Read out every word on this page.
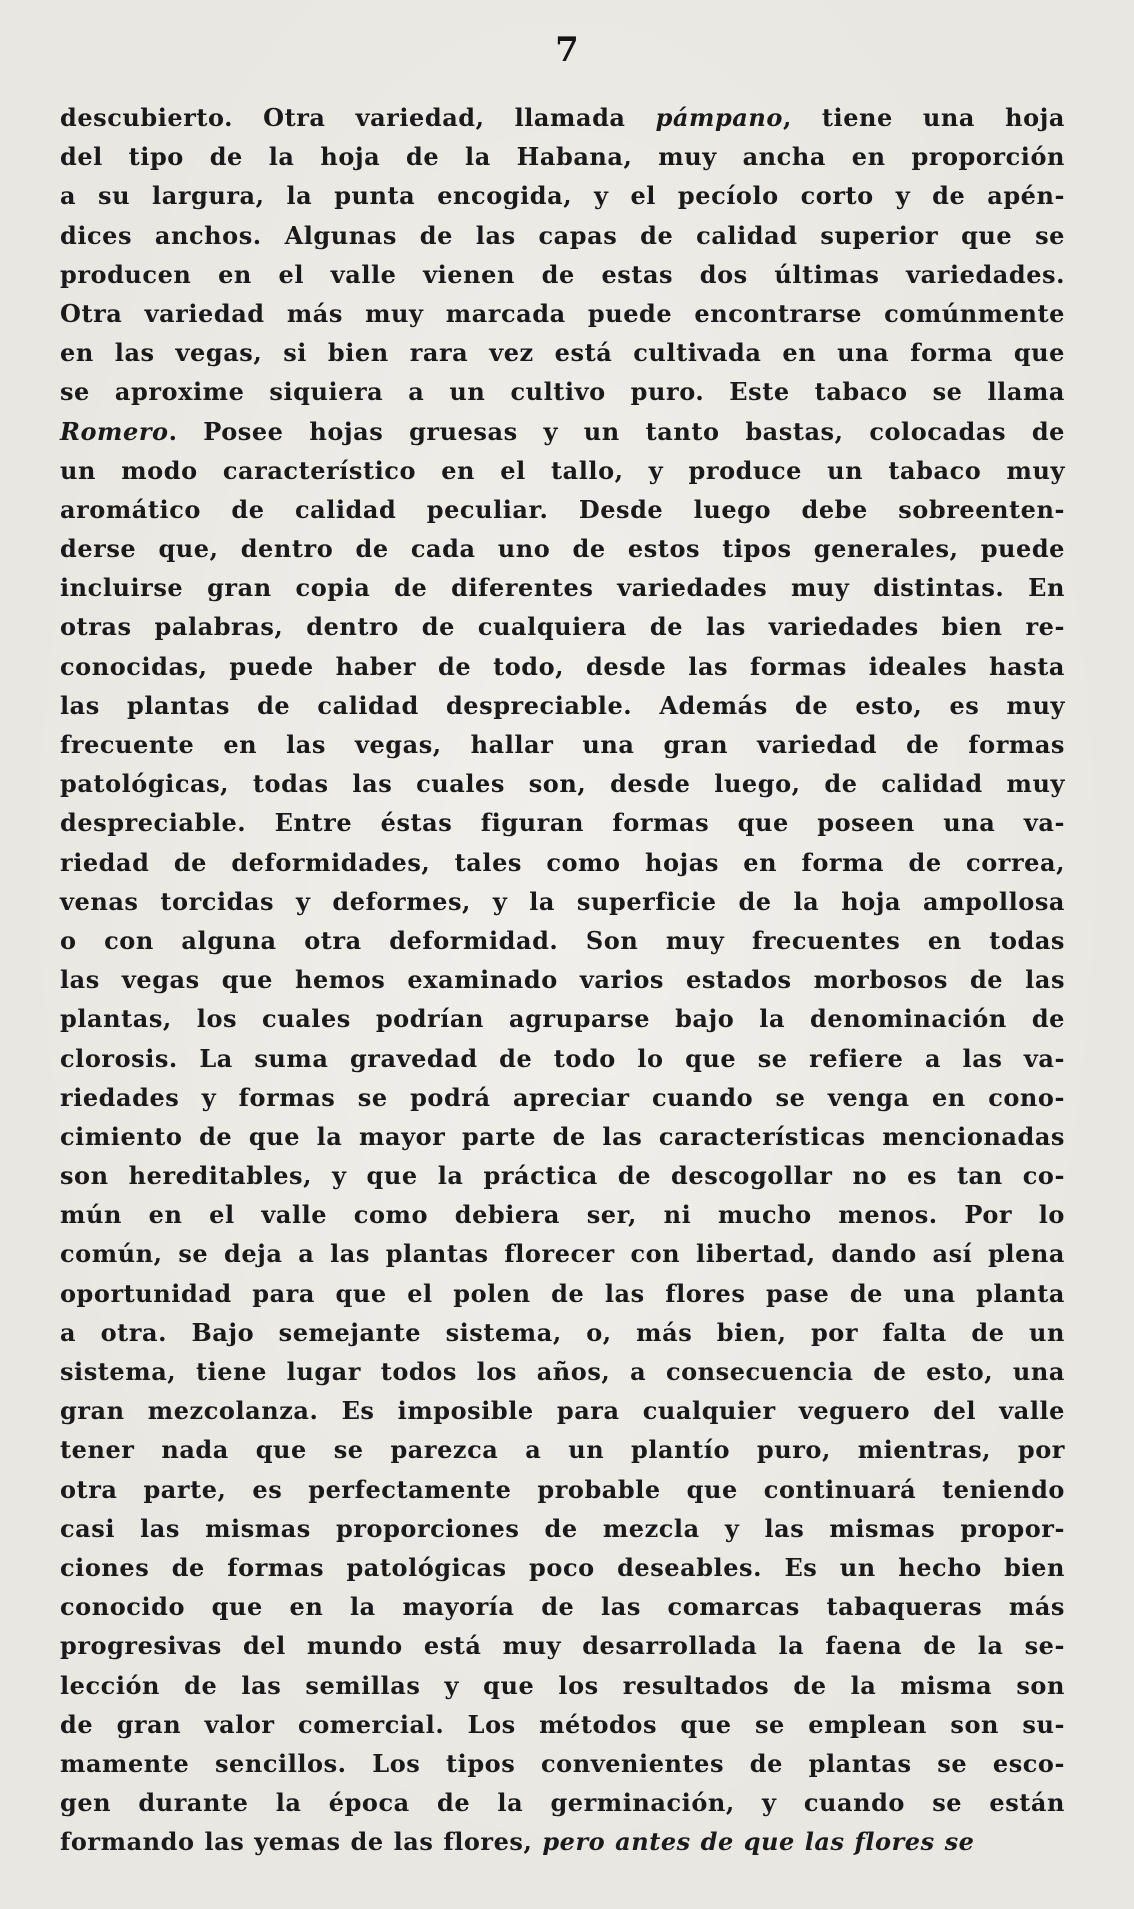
7
descubierto. Otra variedad, llamada pámpano, tiene una hoja
del tipo de la hoja de la Habana, muy ancha en proporción
a su largura, la punta encogida, y el pecíolo corto y de apén-
dices anchos. Algunas de las capas de calidad superior que se
producen en el valle vienen de estas dos últimas variedades.
Otra variedad más muy marcada puede encontrarse comúnmente
en las vegas, si bien rara vez está cultivada en una forma que
se aproxime siquiera a un cultivo puro. Este tabaco se llama
Romero. Posee hojas gruesas y un tanto bastas, colocadas de
un modo característico en el tallo, y produce un tabaco muy
aromático de calidad peculiar. Desde luego debe sobreenten-
derse que, dentro de cada uno de estos tipos generales, puede
incluirse gran copia de diferentes variedades muy distintas. En
otras palabras, dentro de cualquiera de las variedades bien re-
conocidas, puede haber de todo, desde las formas ideales hasta
las plantas de calidad despreciable. Además de esto, es muy
frecuente en las vegas, hallar una gran variedad de formas
patológicas, todas las cuales son, desde luego, de calidad muy
despreciable. Entre éstas figuran formas que poseen una va-
riedad de deformidades, tales como hojas en forma de correa,
venas torcidas y deformes, y la superficie de la hoja ampollosa
o con alguna otra deformidad. Son muy frecuentes en todas
las vegas que hemos examinado varios estados morbosos de las
plantas, los cuales podrían agruparse bajo la denominación de
clorosis. La suma gravedad de todo lo que se refiere a las va-
riedades y formas se podrá apreciar cuando se venga en cono-
cimiento de que la mayor parte de las características mencionadas
son hereditables, y que la práctica de descogollar no es tan co-
mún en el valle como debiera ser, ni mucho menos. Por lo
común, se deja a las plantas florecer con libertad, dando así plena
oportunidad para que el polen de las flores pase de una planta
a otra. Bajo semejante sistema, o, más bien, por falta de un
sistema, tiene lugar todos los años, a consecuencia de esto, una
gran mezcolanza. Es imposible para cualquier veguero del valle
tener nada que se parezca a un plantío puro, mientras, por
otra parte, es perfectamente probable que continuará teniendo
casi las mismas proporciones de mezcla y las mismas propor-
ciones de formas patológicas poco deseables. Es un hecho bien
conocido que en la mayoría de las comarcas tabaqueras más
progresivas del mundo está muy desarrollada la faena de la se-
lección de las semillas y que los resultados de la misma son
de gran valor comercial. Los métodos que se emplean son su-
mamente sencillos. Los tipos convenientes de plantas se esco-
gen durante la época de la germinación, y cuando se están
formando las yemas de las flores, pero antes de que las flores se
